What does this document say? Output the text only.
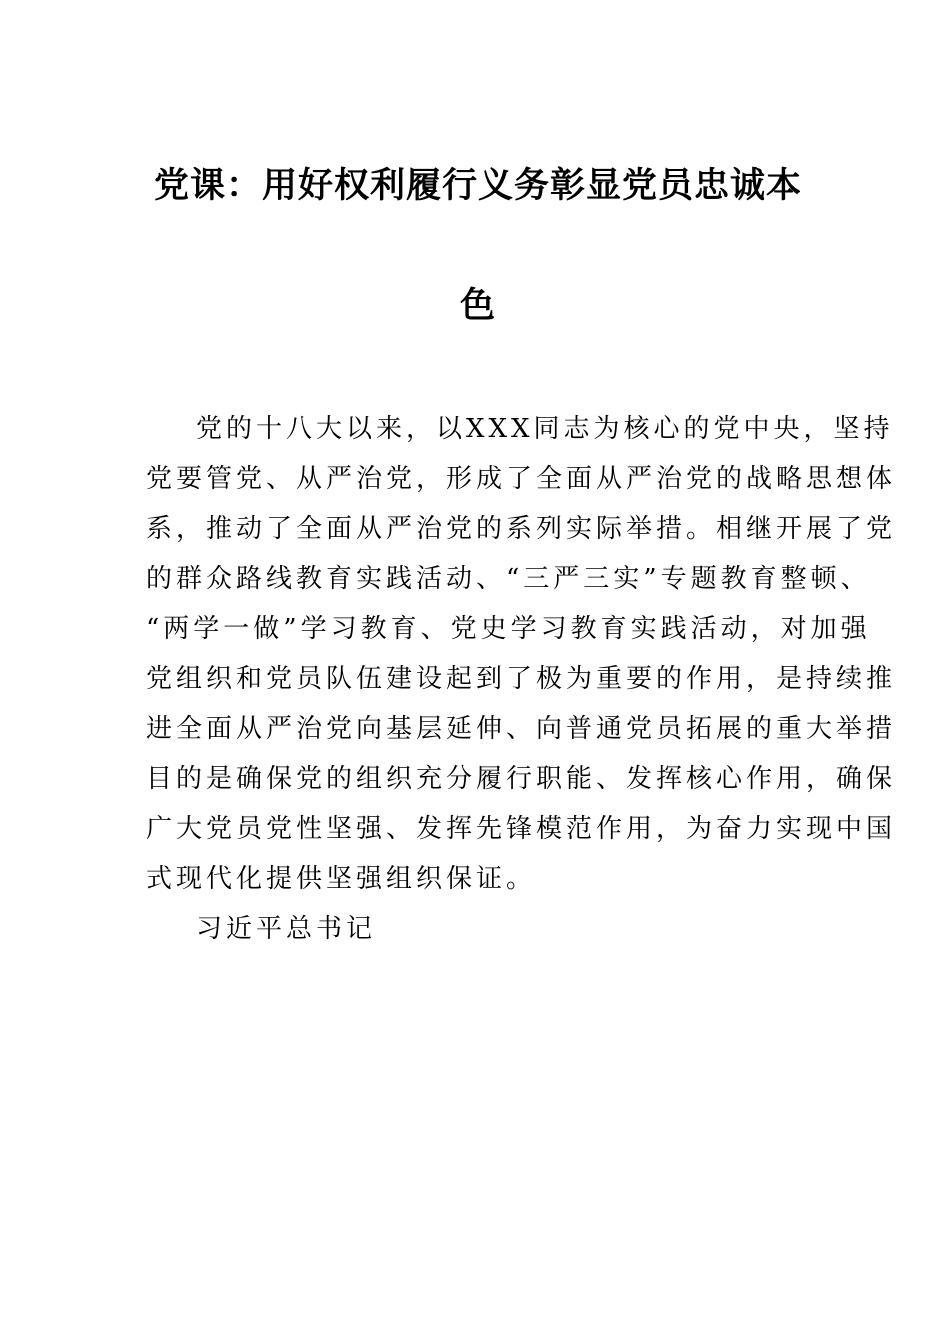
党课：用好权利履行义务彰显党员忠诚本
色
党的十八大以来，以XXX同志为核心的党中央，坚持
党要管党、从严治党，形成了全面从严治党的战略思想体
系，推动了全面从严治党的系列实际举措。相继开展了党
的群众路线教育实践活动、“三严三实”专题教育整顿、
“两学一做”学习教育、党史学习教育实践活动，对加强
党组织和党员队伍建设起到了极为重要的作用，是持续推
进全面从严治党向基层延伸、向普通党员拓展的重大举措
目的是确保党的组织充分履行职能、发挥核心作用，确保
广大党员党性坚强、发挥先锋模范作用，为奋力实现中国
式现代化提供坚强组织保证。
习近平总书记
